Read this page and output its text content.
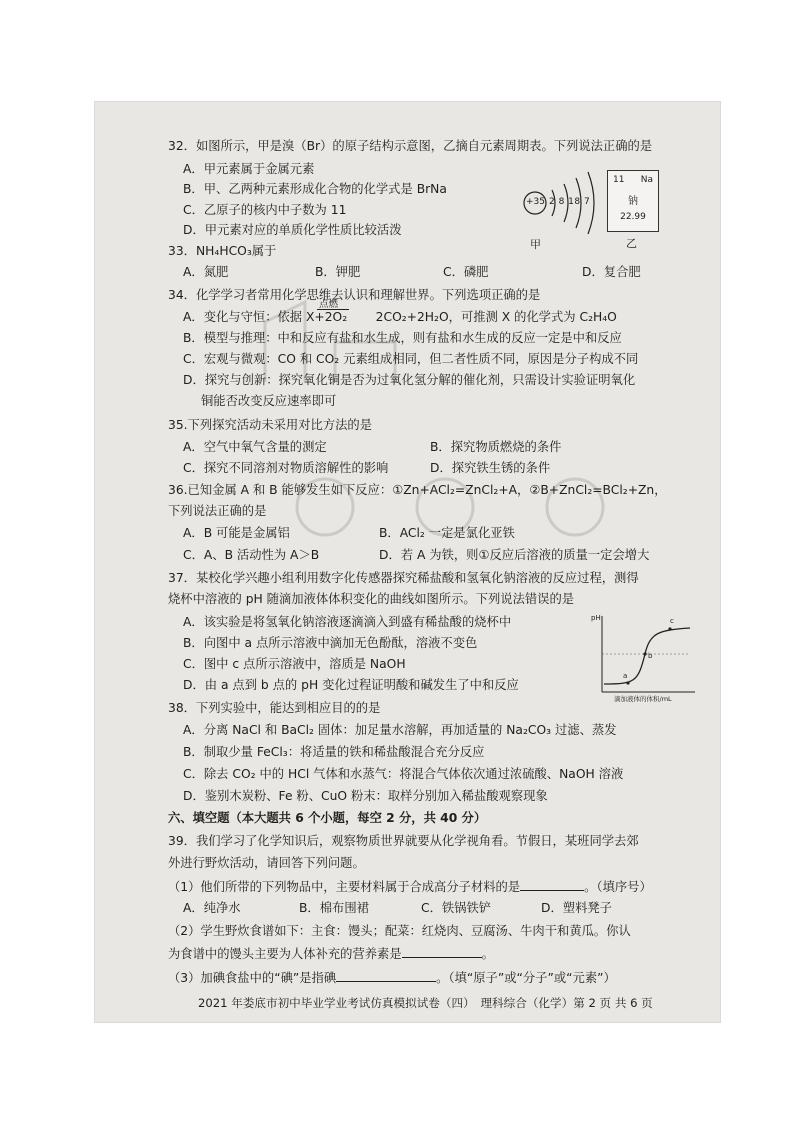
32．如图所示，甲是溴（Br）的原子结构示意图，乙摘自元素周期表。下列说法正确的是
A．甲元素属于金属元素
B．甲、乙两种元素形成化合物的化学式是 BrNa
C．乙原子的核内中子数为 11
D．甲元素对应的单质化学性质比较活泼
+35 2 8 18 7
甲
11 Na
钠
22.99
乙
33．NH₄HCO₃属于
A．氮肥	B．钾肥	C．磷肥	D．复合肥
34．化学学习者常用化学思维去认识和理解世界。下列选项正确的是
点燃
A．变化与守恒：依据 X+2O₂ 　　2CO₂+2H₂O，可推测 X 的化学式为 C₂H₄O
B．模型与推理：中和反应有盐和水生成，则有盐和水生成的反应一定是中和反应
C．宏观与微观：CO 和 CO₂ 元素组成相同，但二者性质不同，原因是分子构成不同
D．探究与创新：探究氧化铜是否为过氧化氢分解的催化剂，只需设计实验证明氧化
铜能否改变反应速率即可
35.下列探究活动未采用对比方法的是
A．空气中氧气含量的测定	B．探究物质燃烧的条件
C．探究不同溶剂对物质溶解性的影响	D．探究铁生锈的条件
36.已知金属 A 和 B 能够发生如下反应：①Zn+ACl₂=ZnCl₂+A，②B+ZnCl₂=BCl₂+Zn，
下列说法正确的是
A．B 可能是金属铝	B．ACl₂ 一定是氯化亚铁
C．A、B 活动性为 A＞B	D．若 A 为铁，则①反应后溶液的质量一定会增大
37．某校化学兴趣小组利用数字化传感器探究稀盐酸和氢氧化钠溶液的反应过程，测得
烧杯中溶液的 pH 随滴加液体体积变化的曲线如图所示。下列说法错误的是
A．该实验是将氢氧化钠溶液逐滴滴入到盛有稀盐酸的烧杯中
B．向图中 a 点所示溶液中滴加无色酚酞，溶液不变色
C．图中 c 点所示溶液中，溶质是 NaOH
D．由 a 点到 b 点的 pH 变化过程证明酸和碱发生了中和反应
pH
a
b
c
滴加液体的体积/mL
38．下列实验中，能达到相应目的的是
A．分离 NaCl 和 BaCl₂ 固体：加足量水溶解，再加适量的 Na₂CO₃ 过滤、蒸发
B．制取少量 FeCl₃：将适量的铁和稀盐酸混合充分反应
C．除去 CO₂ 中的 HCl 气体和水蒸气：将混合气体依次通过浓硫酸、NaOH 溶液
D．鉴别木炭粉、Fe 粉、CuO 粉末：取样分别加入稀盐酸观察现象
六、填空题（本大题共 6 个小题，每空 2 分，共 40 分）
39．我们学习了化学知识后，观察物质世界就要从化学视角看。节假日，某班同学去郊
外进行野炊活动，请回答下列问题。
（1）他们所带的下列物品中，主要材料属于合成高分子材料的是	。（填序号）
A．纯净水	B．棉布围裙	C．铁锅铁铲	D．塑料凳子
（2）学生野炊食谱如下：主食：馒头；配菜：红烧肉、豆腐汤、牛肉干和黄瓜。你认
为食谱中的馒头主要为人体补充的营养素是	。
（3）加碘食盐中的“碘”是指碘	。（填“原子”或“分子”或“元素”）
2021 年娄底市初中毕业学业考试仿真模拟试卷（四）　理科综合（化学）第 2 页 共 6 页
